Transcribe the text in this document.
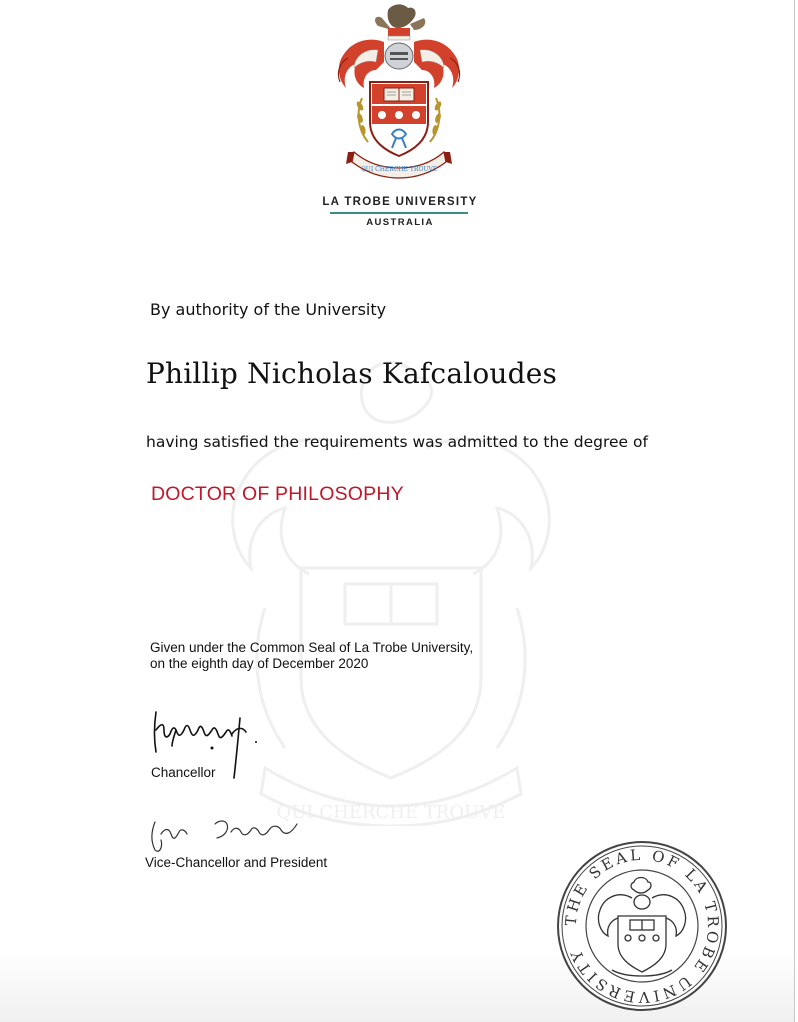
QUI CHERCHE TROUVE
LA TROBE UNIVERSITY
AUSTRALIA
QUI CHERCHE TROUVE
By authority of the University
Phillip Nicholas Kafcaloudes
having satisfied the requirements was admitted to the degree of
DOCTOR OF PHILOSOPHY
Given under the Common Seal of La Trobe University,
on the eighth day of December 2020
Chancellor
Vice-Chancellor and President
THE SEAL OF LA TROBE UNIVERSITY
